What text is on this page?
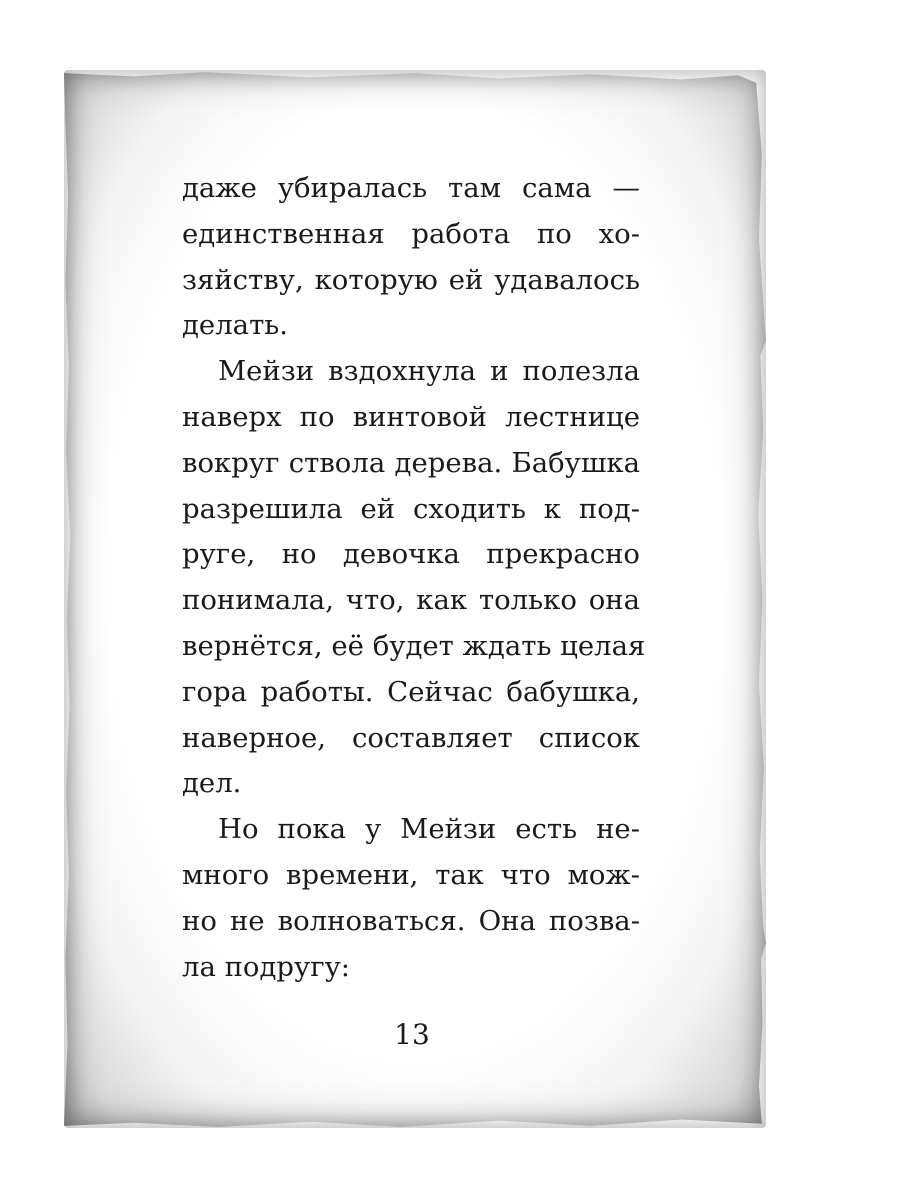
даже убиралась там сама —
единственная работа по хо-
зяйству, которую ей удавалось
делать.
Мейзи вздохнула и полезла
наверх по винтовой лестнице
вокруг ствола дерева. Бабушка
разрешила ей сходить к под-
руге, но девочка прекрасно
понимала, что, как только она
вернётся, её будет ждать целая
гора работы. Сейчас бабушка,
наверное, составляет список
дел.
Но пока у Мейзи есть не-
много времени, так что мож-
но не волноваться. Она позва-
ла подругу:
13
